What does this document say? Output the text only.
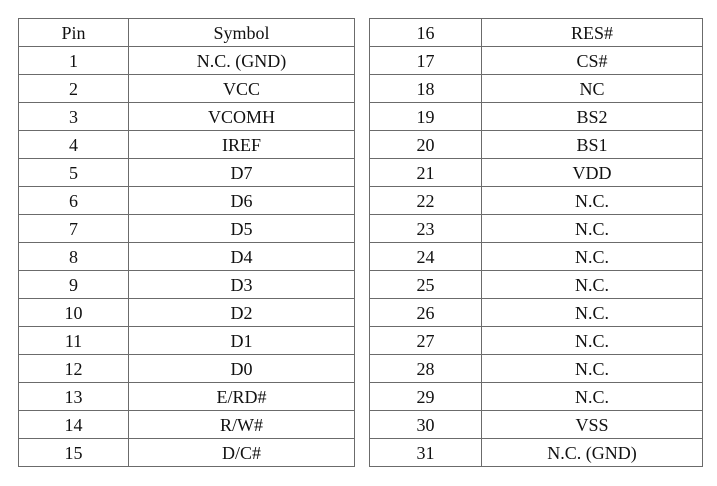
Pin	Symbol
1	N.C. (GND)
2	VCC
3	VCOMH
4	IREF
5	D7
6	D6
7	D5
8	D4
9	D3
10	D2
11	D1
12	D0
13	E/RD#
14	R/W#
15	D/C#
16	RES#
17	CS#
18	NC
19	BS2
20	BS1
21	VDD
22	N.C.
23	N.C.
24	N.C.
25	N.C.
26	N.C.
27	N.C.
28	N.C.
29	N.C.
30	VSS
31	N.C. (GND)
